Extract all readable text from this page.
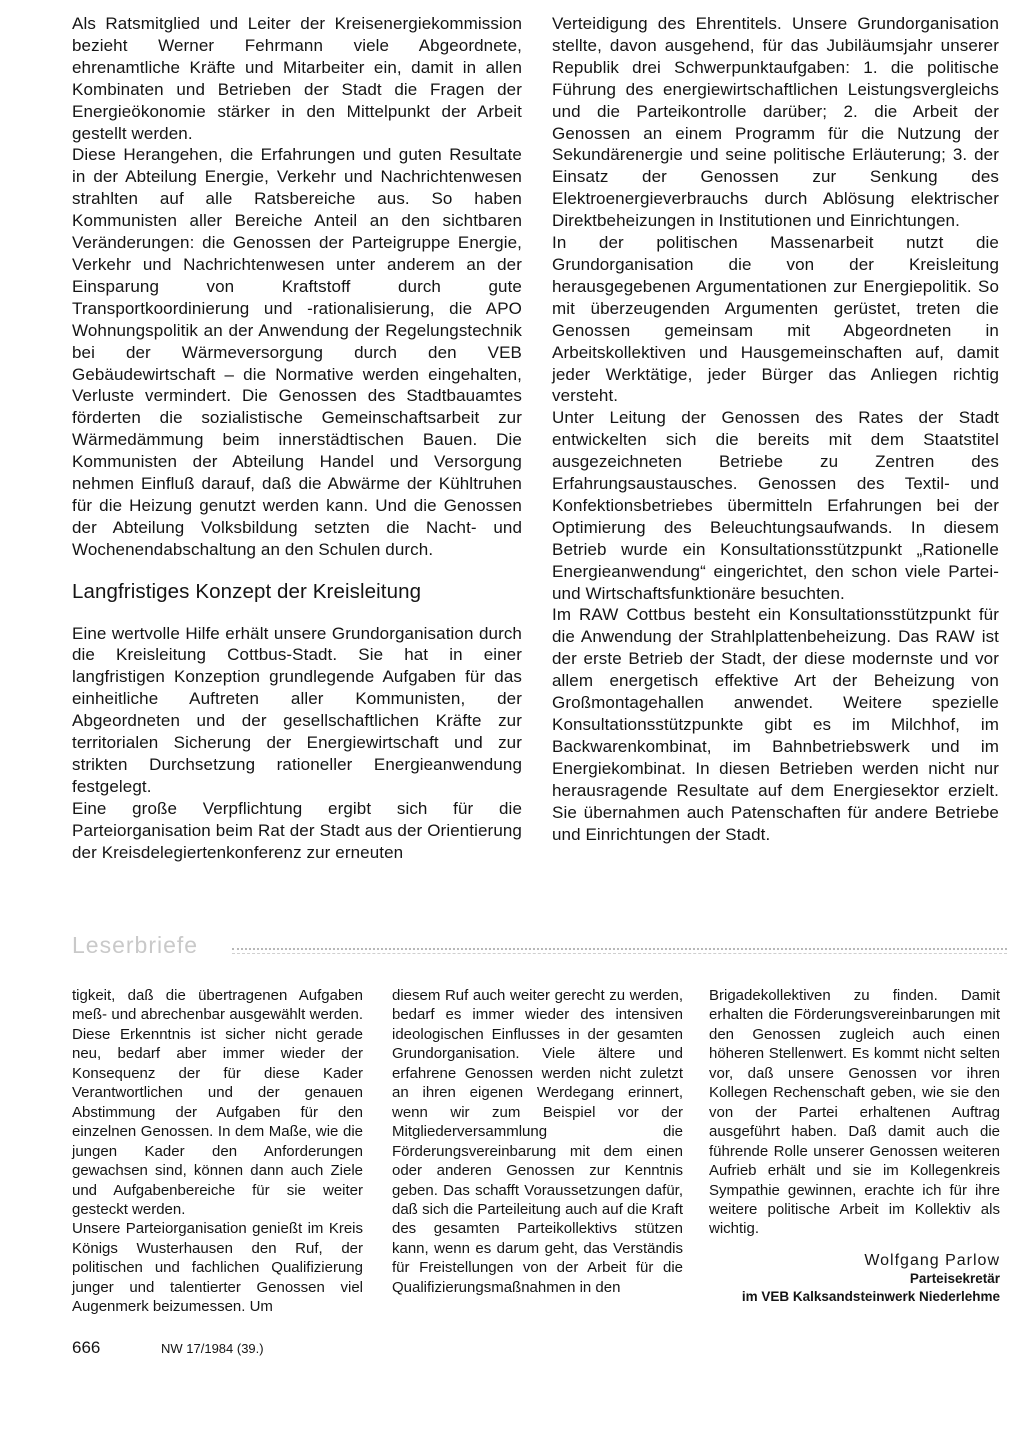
Als Ratsmitglied und Leiter der Kreisenergiekommission bezieht Werner Fehrmann viele Abgeordnete, ehrenamtliche Kräfte und Mitarbeiter ein, damit in allen Kombinaten und Betrieben der Stadt die Fragen der Energieökonomie stärker in den Mittelpunkt der Arbeit gestellt werden.

Diese Herangehen, die Erfahrungen und guten Resultate in der Abteilung Energie, Verkehr und Nachrichtenwesen strahlten auf alle Ratsbereiche aus. So haben Kommunisten aller Bereiche Anteil an den sichtbaren Veränderungen: die Genossen der Parteigruppe Energie, Verkehr und Nachrichtenwesen unter anderem an der Einsparung von Kraftstoff durch gute Transportkoordinierung und -rationalisierung, die APO Wohnungspolitik an der Anwendung der Regelungstechnik bei der Wärmeversorgung durch den VEB Gebäudewirtschaft – die Normative werden eingehalten, Verluste vermindert. Die Genossen des Stadtbauamtes förderten die sozialistische Gemeinschaftsarbeit zur Wärmedämmung beim innerstädtischen Bauen. Die Kommunisten der Abteilung Handel und Versorgung nehmen Einfluß darauf, daß die Abwärme der Kühltruhen für die Heizung genutzt werden kann. Und die Genossen der Abteilung Volksbildung setzten die Nacht- und Wochenendabschaltung an den Schulen durch.

Langfristiges Konzept der Kreisleitung

Eine wertvolle Hilfe erhält unsere Grundorganisation durch die Kreisleitung Cottbus-Stadt. Sie hat in einer langfristigen Konzeption grundlegende Aufgaben für das einheitliche Auftreten aller Kommunisten, der Abgeordneten und der gesellschaftlichen Kräfte zur territorialen Sicherung der Energiewirtschaft und zur strikten Durchsetzung rationeller Energieanwendung festgelegt.

Eine große Verpflichtung ergibt sich für die Parteiorganisation beim Rat der Stadt aus der Orientierung der Kreisdelegiertenkonferenz zur erneuten

Verteidigung des Ehrentitels. Unsere Grundorganisation stellte, davon ausgehend, für das Jubiläumsjahr unserer Republik drei Schwerpunktaufgaben: 1. die politische Führung des energiewirtschaftlichen Leistungsvergleichs und die Parteikontrolle darüber; 2. die Arbeit der Genossen an einem Programm für die Nutzung der Sekundärenergie und seine politische Erläuterung; 3. der Einsatz der Genossen zur Senkung des Elektroenergieverbrauchs durch Ablösung elektrischer Direktbeheizungen in Institutionen und Einrichtungen.

In der politischen Massenarbeit nutzt die Grundorganisation die von der Kreisleitung herausgegebenen Argumentationen zur Energiepolitik. So mit überzeugenden Argumenten gerüstet, treten die Genossen gemeinsam mit Abgeordneten in Arbeitskollektiven und Hausgemeinschaften auf, damit jeder Werktätige, jeder Bürger das Anliegen richtig versteht.

Unter Leitung der Genossen des Rates der Stadt entwickelten sich die bereits mit dem Staatstitel ausgezeichneten Betriebe zu Zentren des Erfahrungsaustausches. Genossen des Textil- und Konfektionsbetriebes übermitteln Erfahrungen bei der Optimierung des Beleuchtungsaufwands. In diesem Betrieb wurde ein Konsultationsstützpunkt „Rationelle Energieanwendung“ eingerichtet, den schon viele Partei- und Wirtschaftsfunktionäre besuchten.

Im RAW Cottbus besteht ein Konsultationsstützpunkt für die Anwendung der Strahlplattenbeheizung. Das RAW ist der erste Betrieb der Stadt, der diese modernste und vor allem energetisch effektive Art der Beheizung von Großmontagehallen anwendet. Weitere spezielle Konsultationsstützpunkte gibt es im Milchhof, im Backwarenkombinat, im Bahnbetriebswerk und im Energiekombinat. In diesen Betrieben werden nicht nur herausragende Resultate auf dem Energiesektor erzielt. Sie übernahmen auch Patenschaften für andere Betriebe und Einrichtungen der Stadt.

Leserbriefe

tigkeit, daß die übertragenen Aufgaben meß- und abrechenbar ausgewählt werden. Diese Erkenntnis ist sicher nicht gerade neu, bedarf aber immer wieder der Konsequenz der für diese Kader Verantwortlichen und der genauen Abstimmung der Aufgaben für den einzelnen Genossen. In dem Maße, wie die jungen Kader den Anforderungen gewachsen sind, können dann auch Ziele und Aufgabenbereiche für sie weiter gesteckt werden.

Unsere Parteiorganisation genießt im Kreis Königs Wusterhausen den Ruf, der politischen und fachlichen Qualifizierung junger und talentierter Genossen viel Augenmerk beizumessen. Um

diesem Ruf auch weiter gerecht zu werden, bedarf es immer wieder des intensiven ideologischen Einflusses in der gesamten Grundorganisation. Viele ältere und erfahrene Genossen werden nicht zuletzt an ihren eigenen Werdegang erinnert, wenn wir zum Beispiel vor der Mitgliederversammlung die Förderungsvereinbarung mit dem einen oder anderen Genossen zur Kenntnis geben. Das schafft Voraussetzungen dafür, daß sich die Parteileitung auch auf die Kraft des gesamten Parteikollektivs stützen kann, wenn es darum geht, das Verständis für Freistellungen von der Arbeit für die Qualifizierungsmaßnahmen in den

Brigadekollektiven zu finden. Damit erhalten die Förderungsvereinbarungen mit den Genossen zugleich auch einen höheren Stellenwert. Es kommt nicht selten vor, daß unsere Genossen vor ihren Kollegen Rechenschaft geben, wie sie den von der Partei erhaltenen Auftrag ausgeführt haben. Daß damit auch die führende Rolle unserer Genossen weiteren Aufrieb erhält und sie im Kollegenkreis Sympathie gewinnen, erachte ich für ihre weitere politische Arbeit im Kollektiv als wichtig.

Wolfgang Parlow
Parteisekretär
im VEB Kalksandsteinwerk Niederlehme
666	NW 17/1984 (39.)
